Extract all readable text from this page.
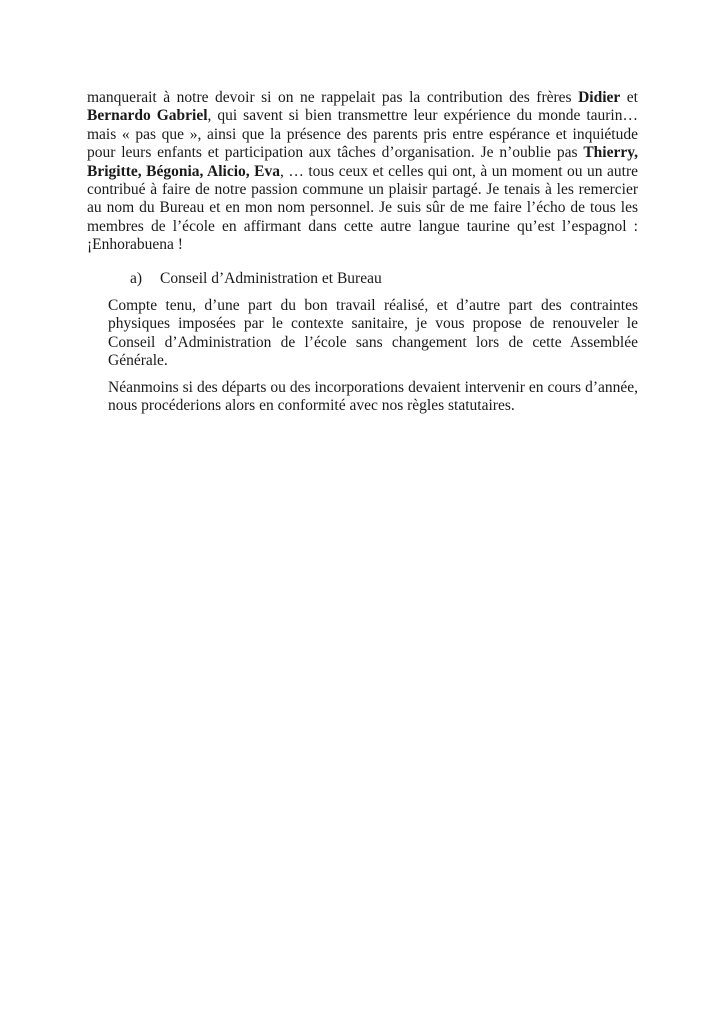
manquerait à notre devoir si on ne rappelait pas la contribution des frères Didier et Bernardo Gabriel, qui savent si bien transmettre leur expérience du monde taurin… mais « pas que », ainsi que la présence des parents pris entre espérance et inquiétude pour leurs enfants et participation aux tâches d’organisation. Je n’oublie pas Thierry, Brigitte, Bégonia, Alicio, Eva, … tous ceux et celles qui ont, à un moment ou un autre contribué à faire de notre passion commune un plaisir partagé. Je tenais à les remercier au nom du Bureau et en mon nom personnel. Je suis sûr de me faire l’écho de tous les membres de l’école en affirmant dans cette autre langue taurine qu’est l’espagnol : ¡Enhorabuena !

a) Conseil d’Administration et Bureau

Compte tenu, d’une part du bon travail réalisé, et d’autre part des contraintes physiques imposées par le contexte sanitaire, je vous propose de renouveler le Conseil d’Administration de l’école sans changement lors de cette Assemblée Générale.

Néanmoins si des départs ou des incorporations devaient intervenir en cours d’année, nous procéderions alors en conformité avec nos règles statutaires.
